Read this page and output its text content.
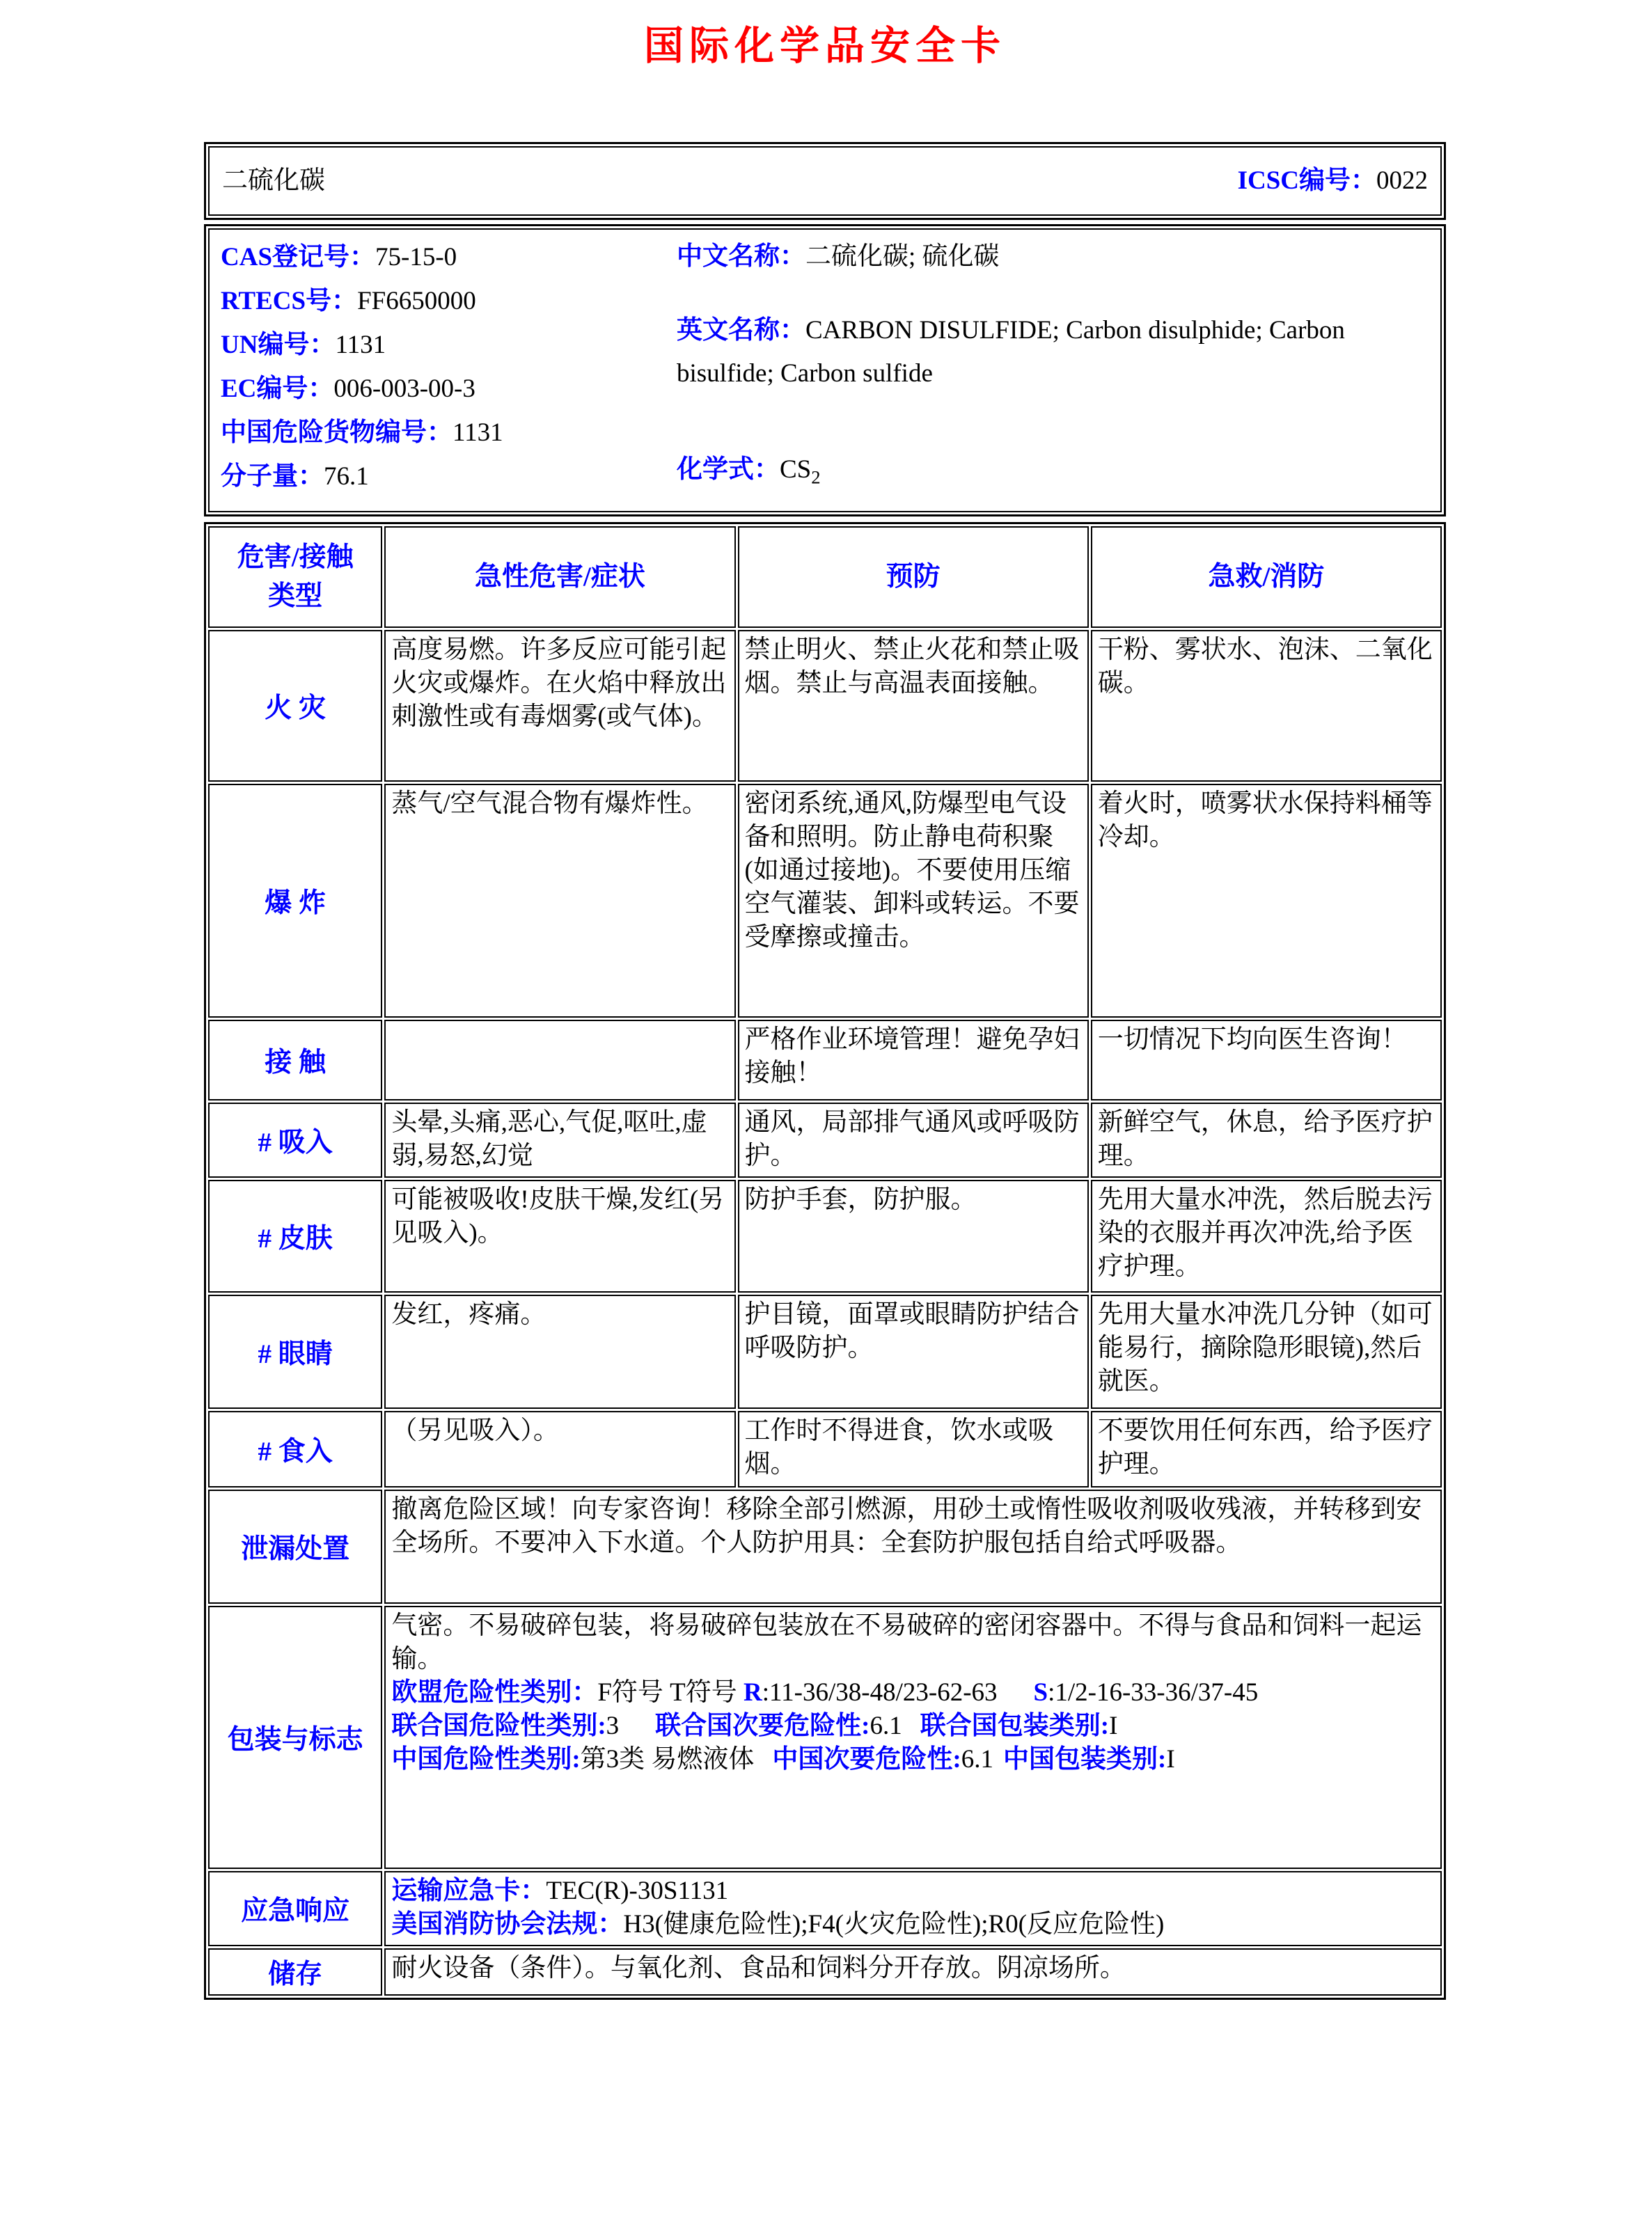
国际化学品安全卡
二硫化碳	ICSC编号：0022

CAS登记号：75-15-0

RTECS号：FF6650000

UN编号：1131

EC编号：006-003-00-3

中国危险货物编号：1131

分子量：76.1

中文名称：二硫化碳; 硫化碳

英文名称：CARBON DISULFIDE; Carbon disulphide; Carbon bisulfide; Carbon sulfide

化学式：$CS_2$

危害/接触
类型	急性危害/症状	预防	急救/消防
火 灾	高度易燃。许多反应可能引起火灾或爆炸。在火焰中释放出刺激性或有毒烟雾(或气体)。	禁止明火、禁止火花和禁止吸烟。禁止与高温表面接触。	干粉、雾状水、泡沫、二氧化碳。
爆 炸	蒸气/空气混合物有爆炸性。	密闭系统,通风,防爆型电气设备和照明。防止静电荷积聚(如通过接地)。不要使用压缩空气灌装、卸料或转运。不要受摩擦或撞击。	着火时，喷雾状水保持料桶等冷却。
接 触		严格作业环境管理！避免孕妇接触！	一切情况下均向医生咨询！
# 吸入	头晕,头痛,恶心,气促,呕吐,虚弱,易怒,幻觉	通风，局部排气通风或呼吸防护。	新鲜空气，休息，给予医疗护理。
# 皮肤	可能被吸收!皮肤干燥,发红(另见吸入)。	防护手套，防护服。	先用大量水冲洗，然后脱去污染的衣服并再次冲洗,给予医疗护理。
# 眼睛	发红，疼痛。	护目镜，面罩或眼睛防护结合呼吸防护。	先用大量水冲洗几分钟（如可能易行，摘除隐形眼镜),然后就医。
# 食入	（另见吸入）。	工作时不得进食，饮水或吸烟。	不要饮用任何东西，给予医疗护理。
泄漏处置	撤离危险区域！向专家咨询！移除全部引燃源，用砂土或惰性吸收剂吸收残液，并转移到安全场所。不要冲入下水道。个人防护用具：全套防护服包括自给式呼吸器。		
包装与标志	气密。不易破碎包装，将易破碎包装放在不易破碎的密闭容器中。不得与食品和饲料一起运输。

欧盟危险性类别：F符号 T符号 R:11-36/38-48/23-62-63 S:1/2-16-33-36/37-45

联合国危险性类别:3 联合国次要危险性:6.1 联合国包装类别:I

中国危险性类别:第3类 易燃液体 中国次要危险性:6.1 中国包装类别:I		

应急响应	运输应急卡：TEC(R)-30S1131

美国消防协会法规：H3(健康危险性);F4(火灾危险性);R0(反应危险性)		

储存	耐火设备（条件）。与氧化剂、食品和饲料分开存放。阴凉场所。		
